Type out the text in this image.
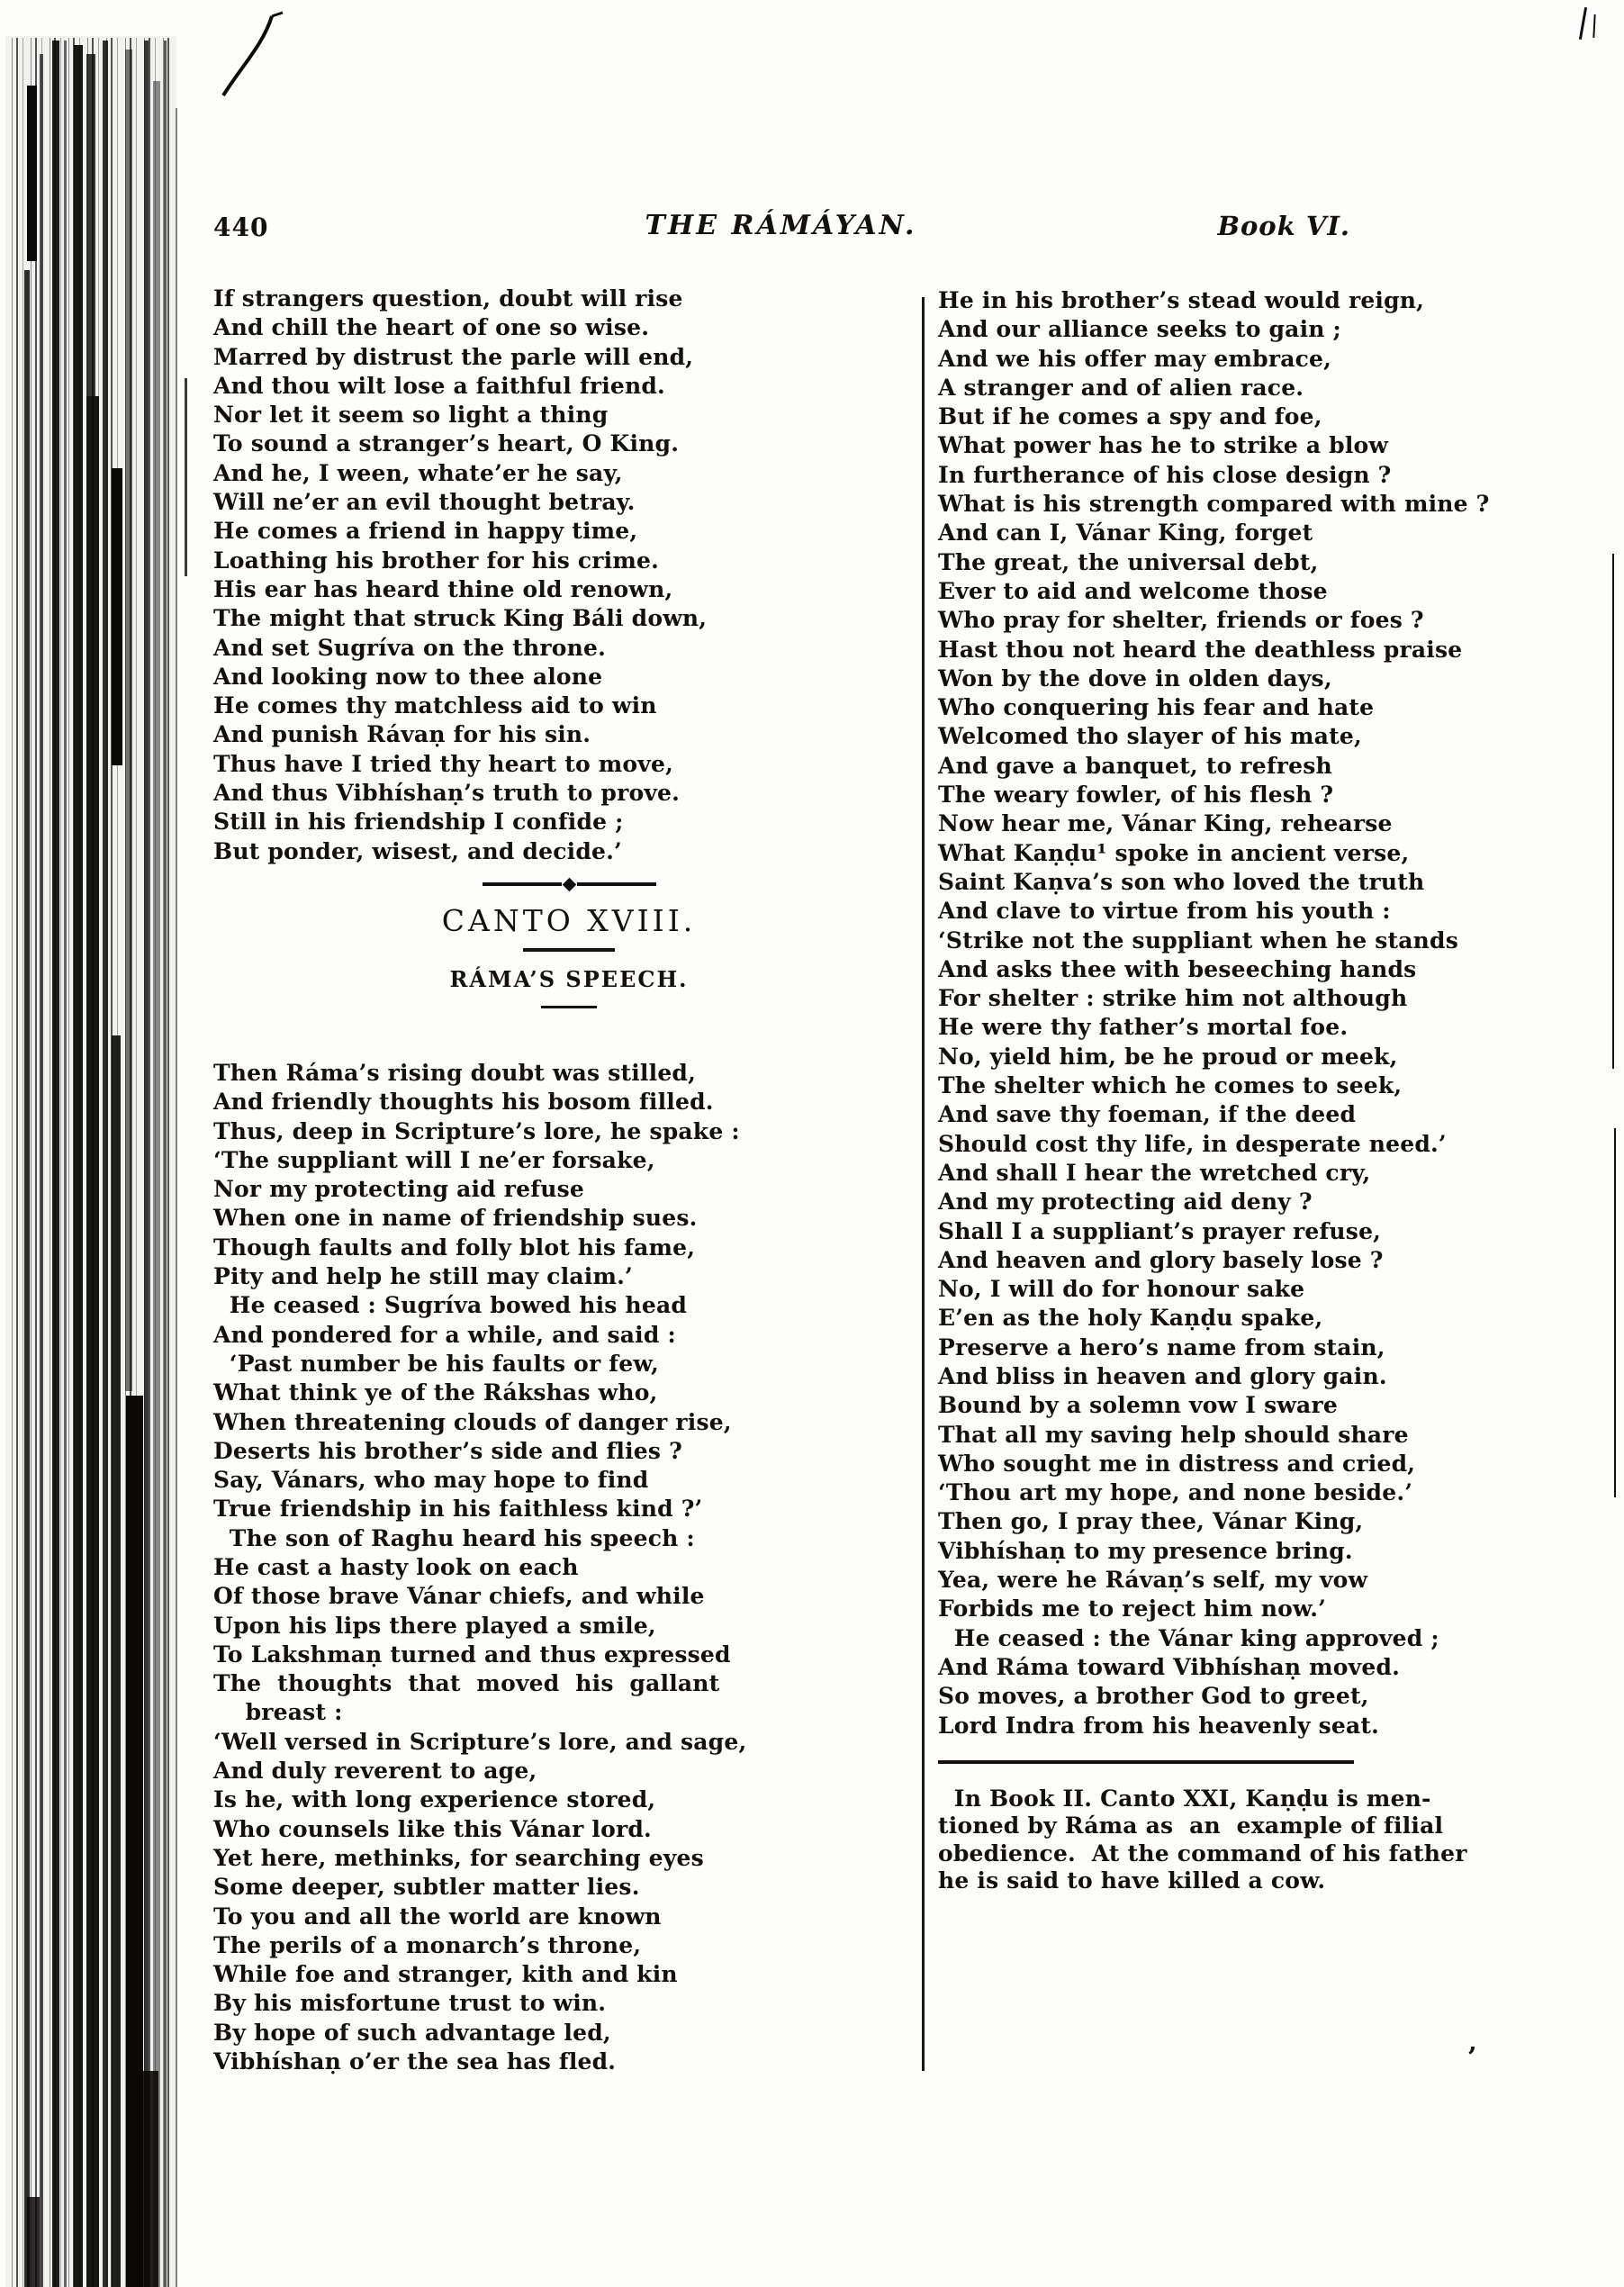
’
440	THE RÁMÁYAN.	Book VI.
If strangers question, doubt will rise
And chill the heart of one so wise.
Marred by distrust the parle will end,
And thou wilt lose a faithful friend.
Nor let it seem so light a thing
To sound a stranger’s heart, O King.
And he, I ween, whate’er he say,
Will ne’er an evil thought betray.
He comes a friend in happy time,
Loathing his brother for his crime.
His ear has heard thine old renown,
The might that struck King Báli down,
And set Sugríva on the throne.
And looking now to thee alone
He comes thy matchless aid to win
And punish Rávaṇ for his sin.
Thus have I tried thy heart to move,
And thus Vibhíshaṇ’s truth to prove.
Still in his friendship I confide ;
But ponder, wisest, and decide.’
CANTO XVIII.
RÁMA’S SPEECH.
Then Ráma’s rising doubt was stilled,
And friendly thoughts his bosom filled.
Thus, deep in Scripture’s lore, he spake :
‘The suppliant will I ne’er forsake,
Nor my protecting aid refuse
When one in name of friendship sues.
Though faults and folly blot his fame,
Pity and help he still may claim.’
He ceased : Sugríva bowed his head
And pondered for a while, and said :
‘Past number be his faults or few,
What think ye of the Rákshas who,
When threatening clouds of danger rise,
Deserts his brother’s side and flies ?
Say, Vánars, who may hope to find
True friendship in his faithless kind ?’
The son of Raghu heard his speech :
He cast a hasty look on each
Of those brave Vánar chiefs, and while
Upon his lips there played a smile,
To Lakshmaṇ turned and thus expressed
The  thoughts  that  moved  his  gallant
breast :
‘Well versed in Scripture’s lore, and sage,
And duly reverent to age,
Is he, with long experience stored,
Who counsels like this Vánar lord.
Yet here, methinks, for searching eyes
Some deeper, subtler matter lies.
To you and all the world are known
The perils of a monarch’s throne,
While foe and stranger, kith and kin
By his misfortune trust to win.
By hope of such advantage led,
Vibhíshaṇ o’er the sea has fled.
He in his brother’s stead would reign,
And our alliance seeks to gain ;
And we his offer may embrace,
A stranger and of alien race.
But if he comes a spy and foe,
What power has he to strike a blow
In furtherance of his close design ?
What is his strength compared with mine ?
And can I, Vánar King, forget
The great, the universal debt,
Ever to aid and welcome those
Who pray for shelter, friends or foes ?
Hast thou not heard the deathless praise
Won by the dove in olden days,
Who conquering his fear and hate
Welcomed tho slayer of his mate,
And gave a banquet, to refresh
The weary fowler, of his flesh ?
Now hear me, Vánar King, rehearse
What Kaṇḍu¹ spoke in ancient verse,
Saint Kaṇva’s son who loved the truth
And clave to virtue from his youth :
‘Strike not the suppliant when he stands
And asks thee with beseeching hands
For shelter : strike him not although
He were thy father’s mortal foe.
No, yield him, be he proud or meek,
The shelter which he comes to seek,
And save thy foeman, if the deed
Should cost thy life, in desperate need.’
And shall I hear the wretched cry,
And my protecting aid deny ?
Shall I a suppliant’s prayer refuse,
And heaven and glory basely lose ?
No, I will do for honour sake
E’en as the holy Kaṇḍu spake,
Preserve a hero’s name from stain,
And bliss in heaven and glory gain.
Bound by a solemn vow I sware
That all my saving help should share
Who sought me in distress and cried,
‘Thou art my hope, and none beside.’
Then go, I pray thee, Vánar King,
Vibhíshaṇ to my presence bring.
Yea, were he Rávaṇ’s self, my vow
Forbids me to reject him now.’
He ceased : the Vánar king approved ;
And Ráma toward Vibhíshaṇ moved.
So moves, a brother God to greet,
Lord Indra from his heavenly seat.
In Book II. Canto XXI, Kaṇḍu is men-
tioned by Ráma as  an  example of filial
obedience.  At the command of his father
he is said to have killed a cow.
